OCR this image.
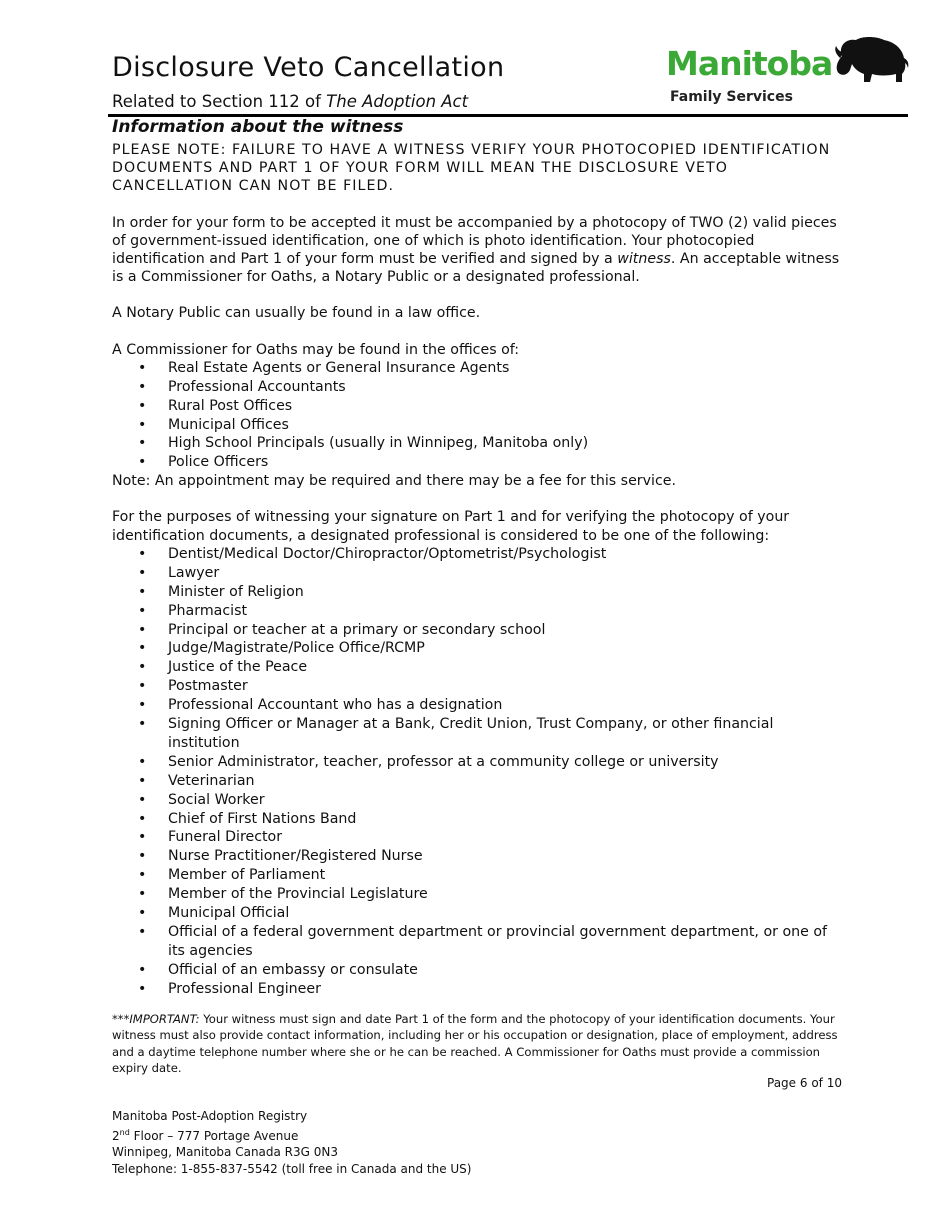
Disclosure Veto Cancellation

Related to Section 112 of The Adoption Act

Manitoba
Family Services
Information about the witness

PLEASE NOTE: FAILURE TO HAVE A WITNESS VERIFY YOUR PHOTOCOPIED IDENTIFICATION DOCUMENTS AND PART 1 OF YOUR FORM WILL MEAN THE DISCLOSURE VETO CANCELLATION CAN NOT BE FILED.

In order for your form to be accepted it must be accompanied by a photocopy of TWO (2) valid pieces of government-issued identification, one of which is photo identification. Your photocopied identification and Part 1 of your form must be verified and signed by a witness. An acceptable witness is a Commissioner for Oaths, a Notary Public or a designated professional.

A Notary Public can usually be found in a law office.

A Commissioner for Oaths may be found in the offices of:

• Real Estate Agents or General Insurance Agents
• Professional Accountants
• Rural Post Offices
• Municipal Offices
• High School Principals (usually in Winnipeg, Manitoba only)
• Police Officers

Note: An appointment may be required and there may be a fee for this service.

For the purposes of witnessing your signature on Part 1 and for verifying the photocopy of your identification documents, a designated professional is considered to be one of the following:

• Dentist/Medical Doctor/Chiropractor/Optometrist/Psychologist
• Lawyer
• Minister of Religion
• Pharmacist
• Principal or teacher at a primary or secondary school
• Judge/Magistrate/Police Office/RCMP
• Justice of the Peace
• Postmaster
• Professional Accountant who has a designation
• Signing Officer or Manager at a Bank, Credit Union, Trust Company, or other financial institution
• Senior Administrator, teacher, professor at a community college or university
• Veterinarian
• Social Worker
• Chief of First Nations Band
• Funeral Director
• Nurse Practitioner/Registered Nurse
• Member of Parliament
• Member of the Provincial Legislature
• Municipal Official
• Official of a federal government department or provincial government department, or one of its agencies
• Official of an embassy or consulate
• Professional Engineer

***IMPORTANT: Your witness must sign and date Part 1 of the form and the photocopy of your identification documents. Your witness must also provide contact information, including her or his occupation or designation, place of employment, address and a daytime telephone number where she or he can be reached. A Commissioner for Oaths must provide a commission expiry date.

Page 6 of 10
Manitoba Post-Adoption Registry
2nd Floor – 777 Portage Avenue
Winnipeg, Manitoba Canada R3G 0N3
Telephone: 1-855-837-5542 (toll free in Canada and the US)
